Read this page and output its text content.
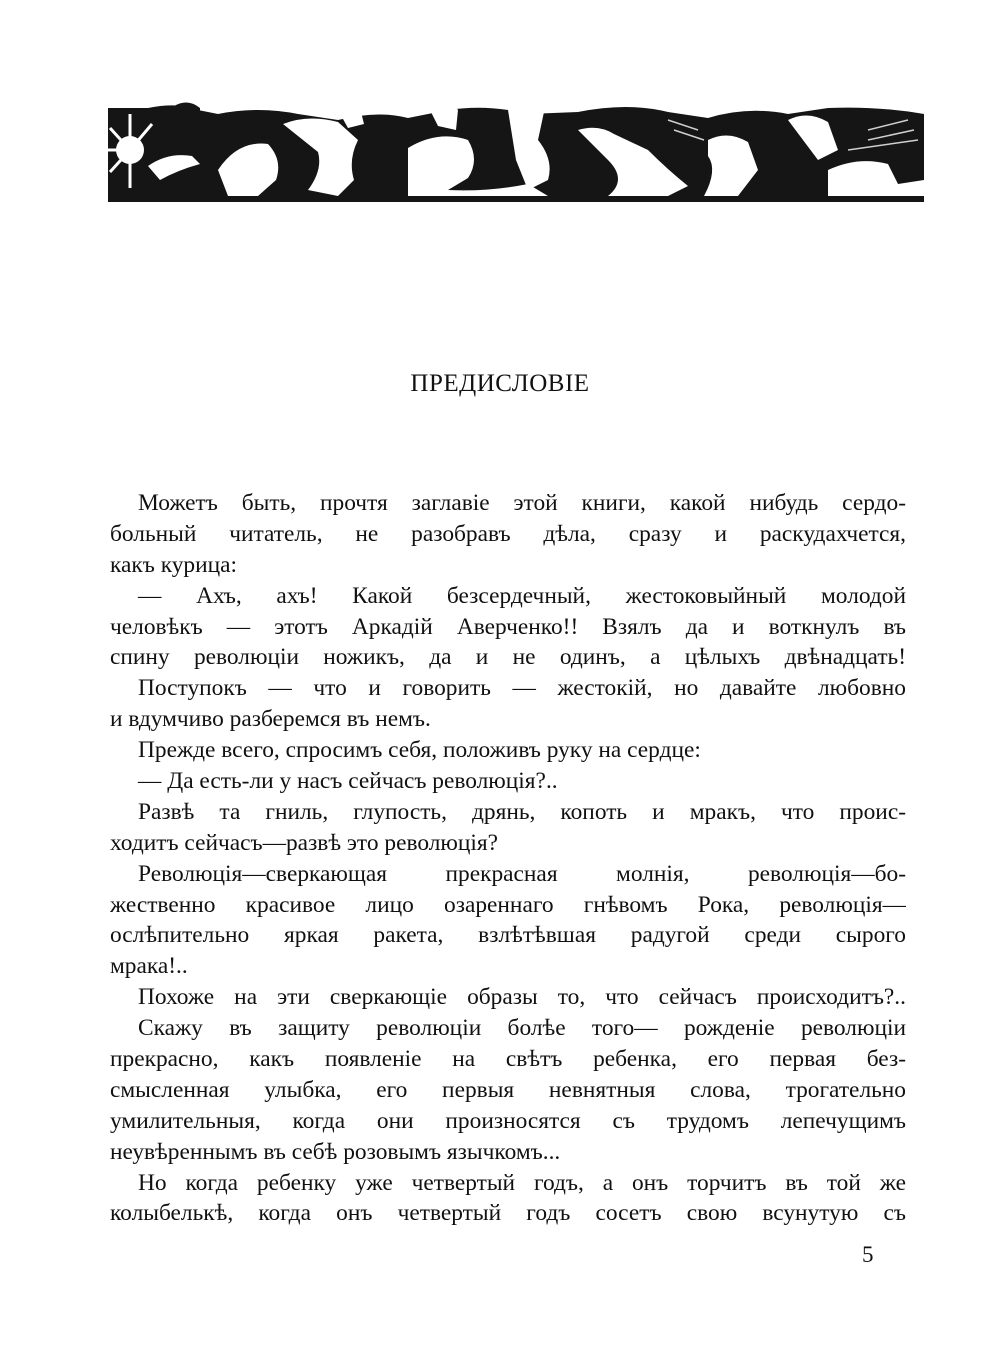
ПРЕДИСЛОВІЕ
Можетъ быть, прочтя заглавіе этой книги, какой нибудь сердо-
больный читатель, не разобравъ дѣла, сразу и раскудахчется,
какъ курица:
— Ахъ, ахъ! Какой безсердечный, жестоковыйный молодой
человѣкъ — этотъ Аркадій Аверченко!! Взялъ да и воткнулъ въ
спину революціи ножикъ, да и не одинъ, а цѣлыхъ двѣнадцать!
Поступокъ — что и говорить — жестокій, но давайте любовно
и вдумчиво разберемся въ немъ.
Прежде всего, спросимъ себя, положивъ руку на сердце:
— Да есть-ли у насъ сейчасъ революція?..
Развѣ та гниль, глупость, дрянь, копоть и мракъ, что проис-
ходитъ сейчасъ—развѣ это революція?
Революція—сверкающая прекрасная молнія, революція—бо-
жественно красивое лицо озареннаго гнѣвомъ Рока, революція—
ослѣпительно яркая ракета, взлѣтѣвшая радугой среди сырого
мрака!..
Похоже на эти сверкающіе образы то, что сейчасъ происходитъ?..
Скажу въ защиту революціи болѣе того— рожденіе революціи
прекрасно, какъ появленіе на свѣтъ ребенка, его первая без-
смысленная улыбка, его первыя невнятныя слова, трогательно
умилительныя, когда они произносятся съ трудомъ лепечущимъ
неувѣреннымъ въ себѣ розовымъ язычкомъ...
Но когда ребенку уже четвертый годъ, а онъ торчитъ въ той же
колыбелькѣ, когда онъ четвертый годъ сосетъ свою всунутую съ

5
